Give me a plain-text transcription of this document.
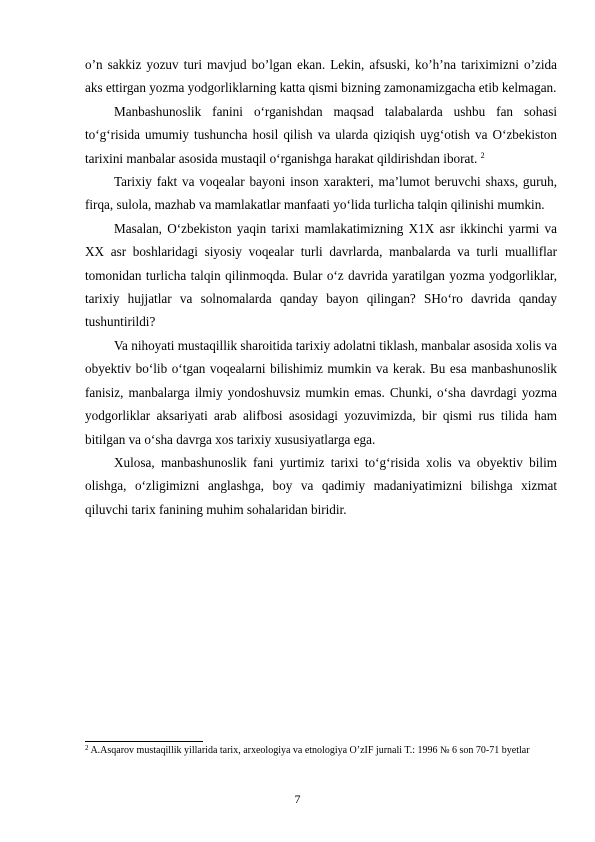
o’n sakkiz yozuv turi mavjud bo’lgan ekan. Lekin, afsuski, ko’h’na tariximizni o’zida aks ettirgan yozma yodgorliklarning katta qismi bizning zamonamizgacha etib kelmagan.

Manbashunoslik fanini o‘rganishdan maqsad talabalarda ushbu fan sohasi to‘g‘risida umumiy tushuncha hosil qilish va ularda qiziqish uyg‘otish va O‘zbekiston tarixini manbalar asosida mustaqil o‘rganishga harakat qildirishdan iborat. $^2$

Tarixiy fakt va voqealar bayoni inson xarakteri, ma’lumot beruvchi shaxs, guruh, firqa, sulola, mazhab va mamlakatlar manfaati yo‘lida turlicha talqin qilinishi mumkin.

Masalan, O‘zbekiston yaqin tarixi mamlakatimizning X1X asr ikkinchi yarmi va XX asr boshlaridagi siyosiy voqealar turli davrlarda, manbalarda va turli mualliflar tomonidan turlicha talqin qilinmoqda. Bular o‘z davrida yaratilgan yozma yodgorliklar, tarixiy hujjatlar va solnomalarda qanday bayon qilingan? SHo‘ro davrida qanday tushuntirildi?

Va nihoyati mustaqillik sharoitida tarixiy adolatni tiklash, manbalar asosida xolis va obyektiv bo‘lib o‘tgan voqealarni bilishimiz mumkin va kerak. Bu esa manbashunoslik fanisiz, manbalarga ilmiy yondoshuvsiz mumkin emas. Chunki, o‘sha davrdagi yozma yodgorliklar aksariyati arab alifbosi asosidagi yozuvimizda, bir qismi rus tilida ham bitilgan va o‘sha davrga xos tarixiy xususiyatlarga ega.

Xulosa, manbashunoslik fani yurtimiz tarixi to‘g‘risida xolis va obyektiv bilim olishga, o‘zligimizni anglashga, boy va qadimiy madaniyatimizni bilishga xizmat qiluvchi tarix fanining muhim sohalaridan biridir.

$^2$ A.Asqarov mustaqillik yillarida tarix, arxeologiya va etnologiya O’zIF jurnali T.: 1996 № 6 son 70-71 byetlar
7
